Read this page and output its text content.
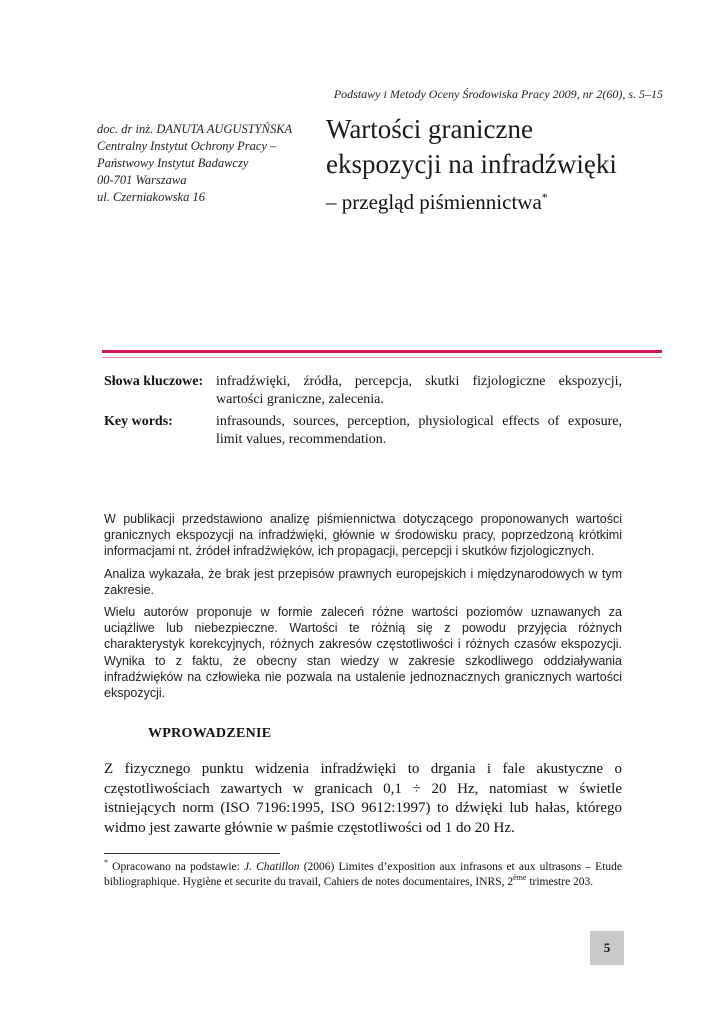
Podstawy i Metody Oceny Środowiska Pracy 2009, nr 2(60), s. 5–15
doc. dr inż. DANUTA AUGUSTYŃSKA
Centralny Instytut Ochrony Pracy –
Państwowy Instytut Badawczy
00-701 Warszawa
ul. Czerniakowska 16
Wartości graniczne
ekspozycji na infradźwięki
– przegląd piśmiennictwa*
Słowa kluczowe: infradźwięki, źródła, percepcja, skutki fizjologiczne ekspozycji, wartości graniczne, zalecenia.
Key words:	infrasounds, sources, perception, physiological effects of exposure, limit values, recommendation.

W publikacji przedstawiono analizę piśmiennictwa dotyczącego proponowanych wartości granicznych ekspozycji na infradźwięki, głównie w środowisku pracy, poprzedzoną krótkimi informacjami nt. źródeł infradźwięków, ich propagacji, percepcji i skutków fizjologicznych.

Analiza wykazała, że brak jest przepisów prawnych europejskich i międzynarodowych w tym zakresie.

Wielu autorów proponuje w formie zaleceń różne wartości poziomów uznawanych za uciążliwe lub niebezpieczne. Wartości te różnią się z powodu przyjęcia różnych charakterystyk korekcyjnych, różnych zakresów częstotliwości i różnych czasów ekspozycji. Wynika to z faktu, że obecny stan wiedzy w zakresie szkodliwego oddziaływania infradźwięków na człowieka nie pozwala na ustalenie jednoznacznych granicznych wartości ekspozycji.

WPROWADZENIE
Z fizycznego punktu widzenia infradźwięki to drgania i fale akustyczne o częstotliwościach zawartych w granicach 0,1 ÷ 20 Hz, natomiast w świetle istniejących norm (ISO 7196:1995, ISO 9612:1997) to dźwięki lub hałas, którego widmo jest zawarte głównie w paśmie częstotliwości od 1 do 20 Hz.
* Opracowano na podstawie: J. Chatillon (2006) Limites d’exposition aux infrasons et aux ultrasons – Etude bibliographique. Hygiène et securite du travail, Cahiers de notes documentaires, INRS, 2ème trimestre 203.
5
